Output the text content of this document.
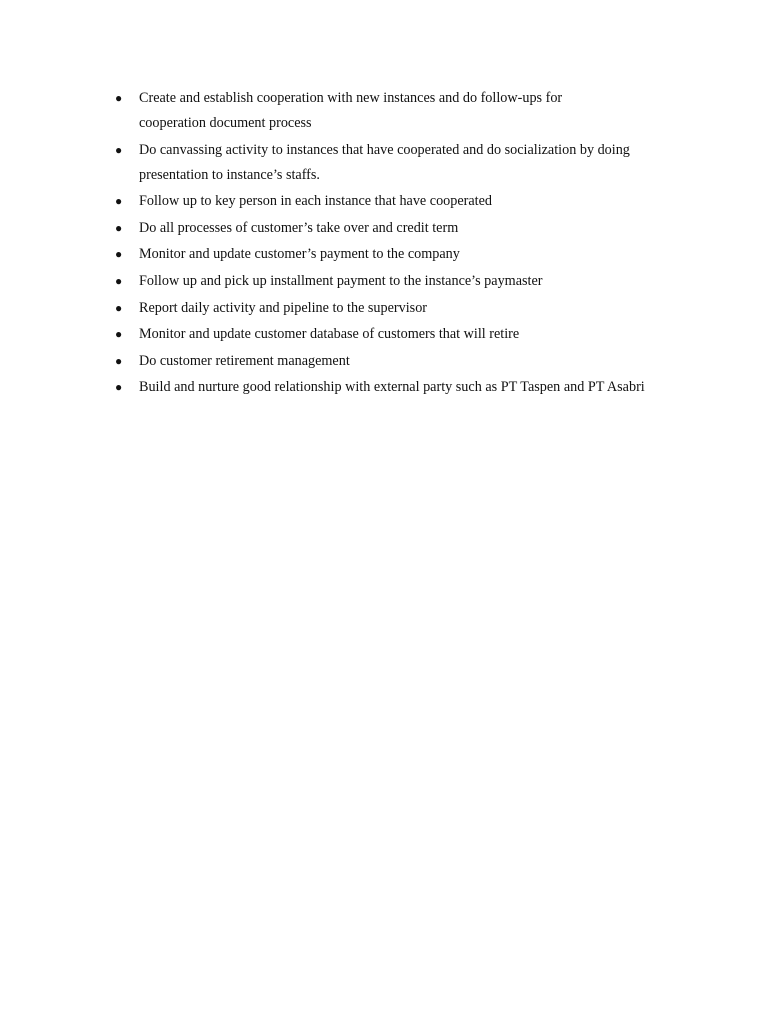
● Create and establish cooperation with new instances and do follow-ups for cooperation document process
● Do canvassing activity to instances that have cooperated and do socialization by doing presentation to instance’s staffs.
● Follow up to key person in each instance that have cooperated
● Do all processes of customer’s take over and credit term
● Monitor and update customer’s payment to the company
● Follow up and pick up installment payment to the instance’s paymaster
● Report daily activity and pipeline to the supervisor
● Monitor and update customer database of customers that will retire
● Do customer retirement management
● Build and nurture good relationship with external party such as PT Taspen and PT Asabri
